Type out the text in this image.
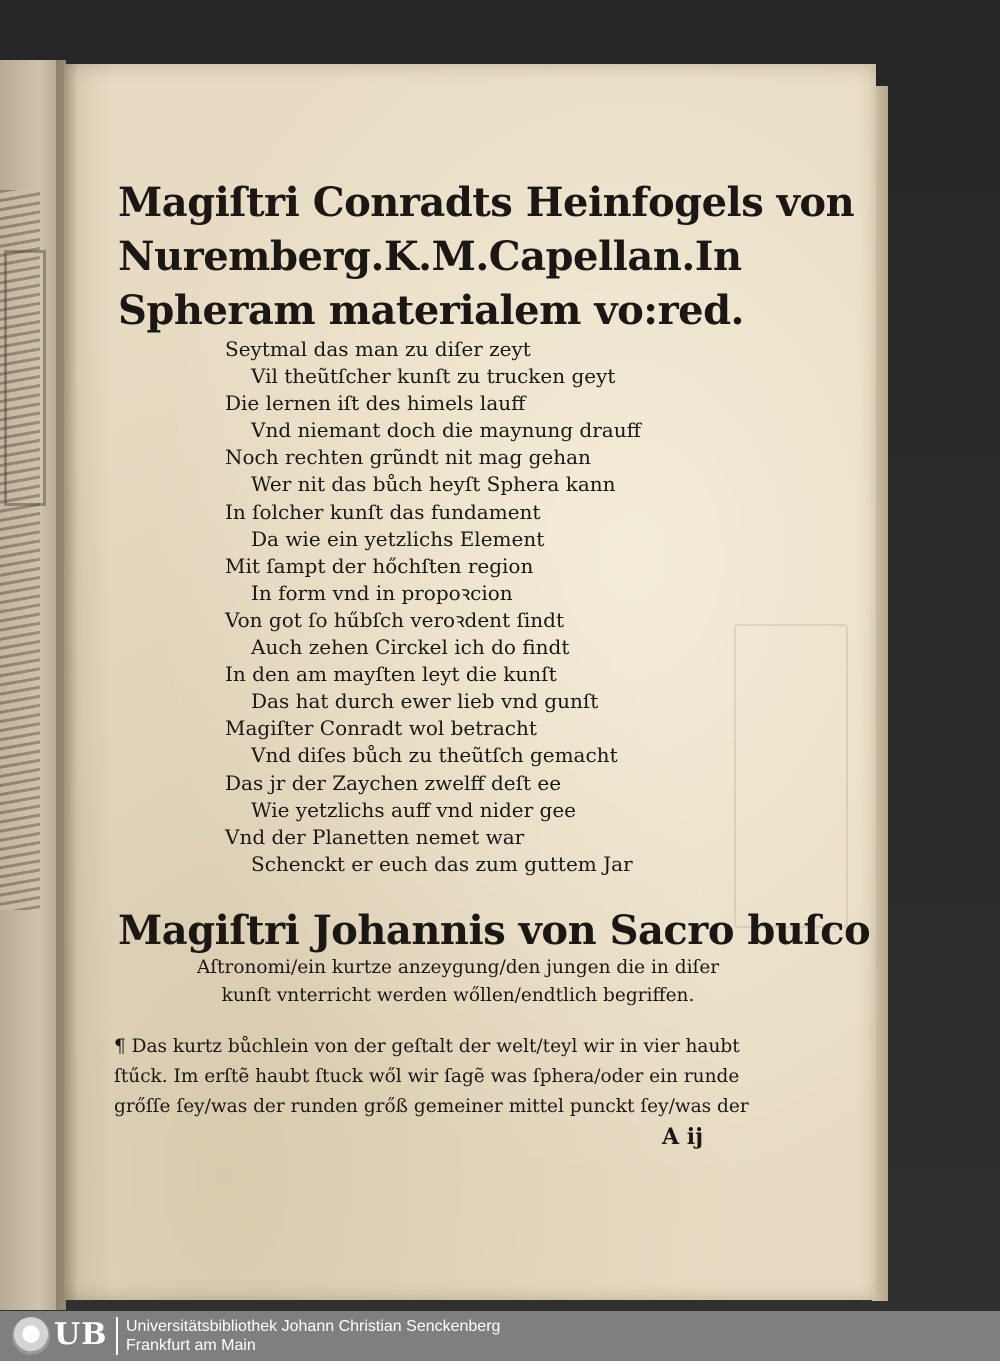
Magiſtri Conradts Heinfogels von
Nuremberg.K.M.Capellan.In
Spheram materialem vo:red.
Seytmal das man zu diſer zeyt
Vil theũtſcher kunſt zu trucken geyt
Die lernen iſt des himels lauff
Vnd niemant doch die maynung drauff
Noch rechten grũndt nit mag gehan
Wer nit das bůch heyſt Sphera kann
In ſolcher kunſt das fundament
Da wie ein yetzlichs Element
Mit ſampt der hőchſten region
In form vnd in propoꝛcion
Von got ſo hűbſch veroꝛdent ſindt
Auch zehen Circkel ich do findt
In den am mayſten leyt die kunſt
Das hat durch ewer lieb vnd gunſt
Magiſter Conradt wol betracht
Vnd diſes bůch zu theũtſch gemacht
Das jr der Zaychen zwelff deſt ee
Wie yetzlichs auff vnd nider gee
Vnd der Planetten nemet war
Schenckt er euch das zum guttem Jar
Magiſtri Johannis von Sacro buſco
Aſtronomi/ein kurtze anzeygung/den jungen die in diſer
kunſt vnterricht werden wőllen/endtlich begriffen.
¶ Das kurtz bůchlein von der geſtalt der welt/teyl wir in vier haubt
ſtűck. Im erſtẽ haubt ſtuck wől wir ſagẽ was ſphera/oder ein runde
grőſſe ſey/was der runden grőß gemeiner mittel punckt ſey/was der
A ij
UB	Universitätsbibliothek Johann Christian Senckenberg
Frankfurt am Main
